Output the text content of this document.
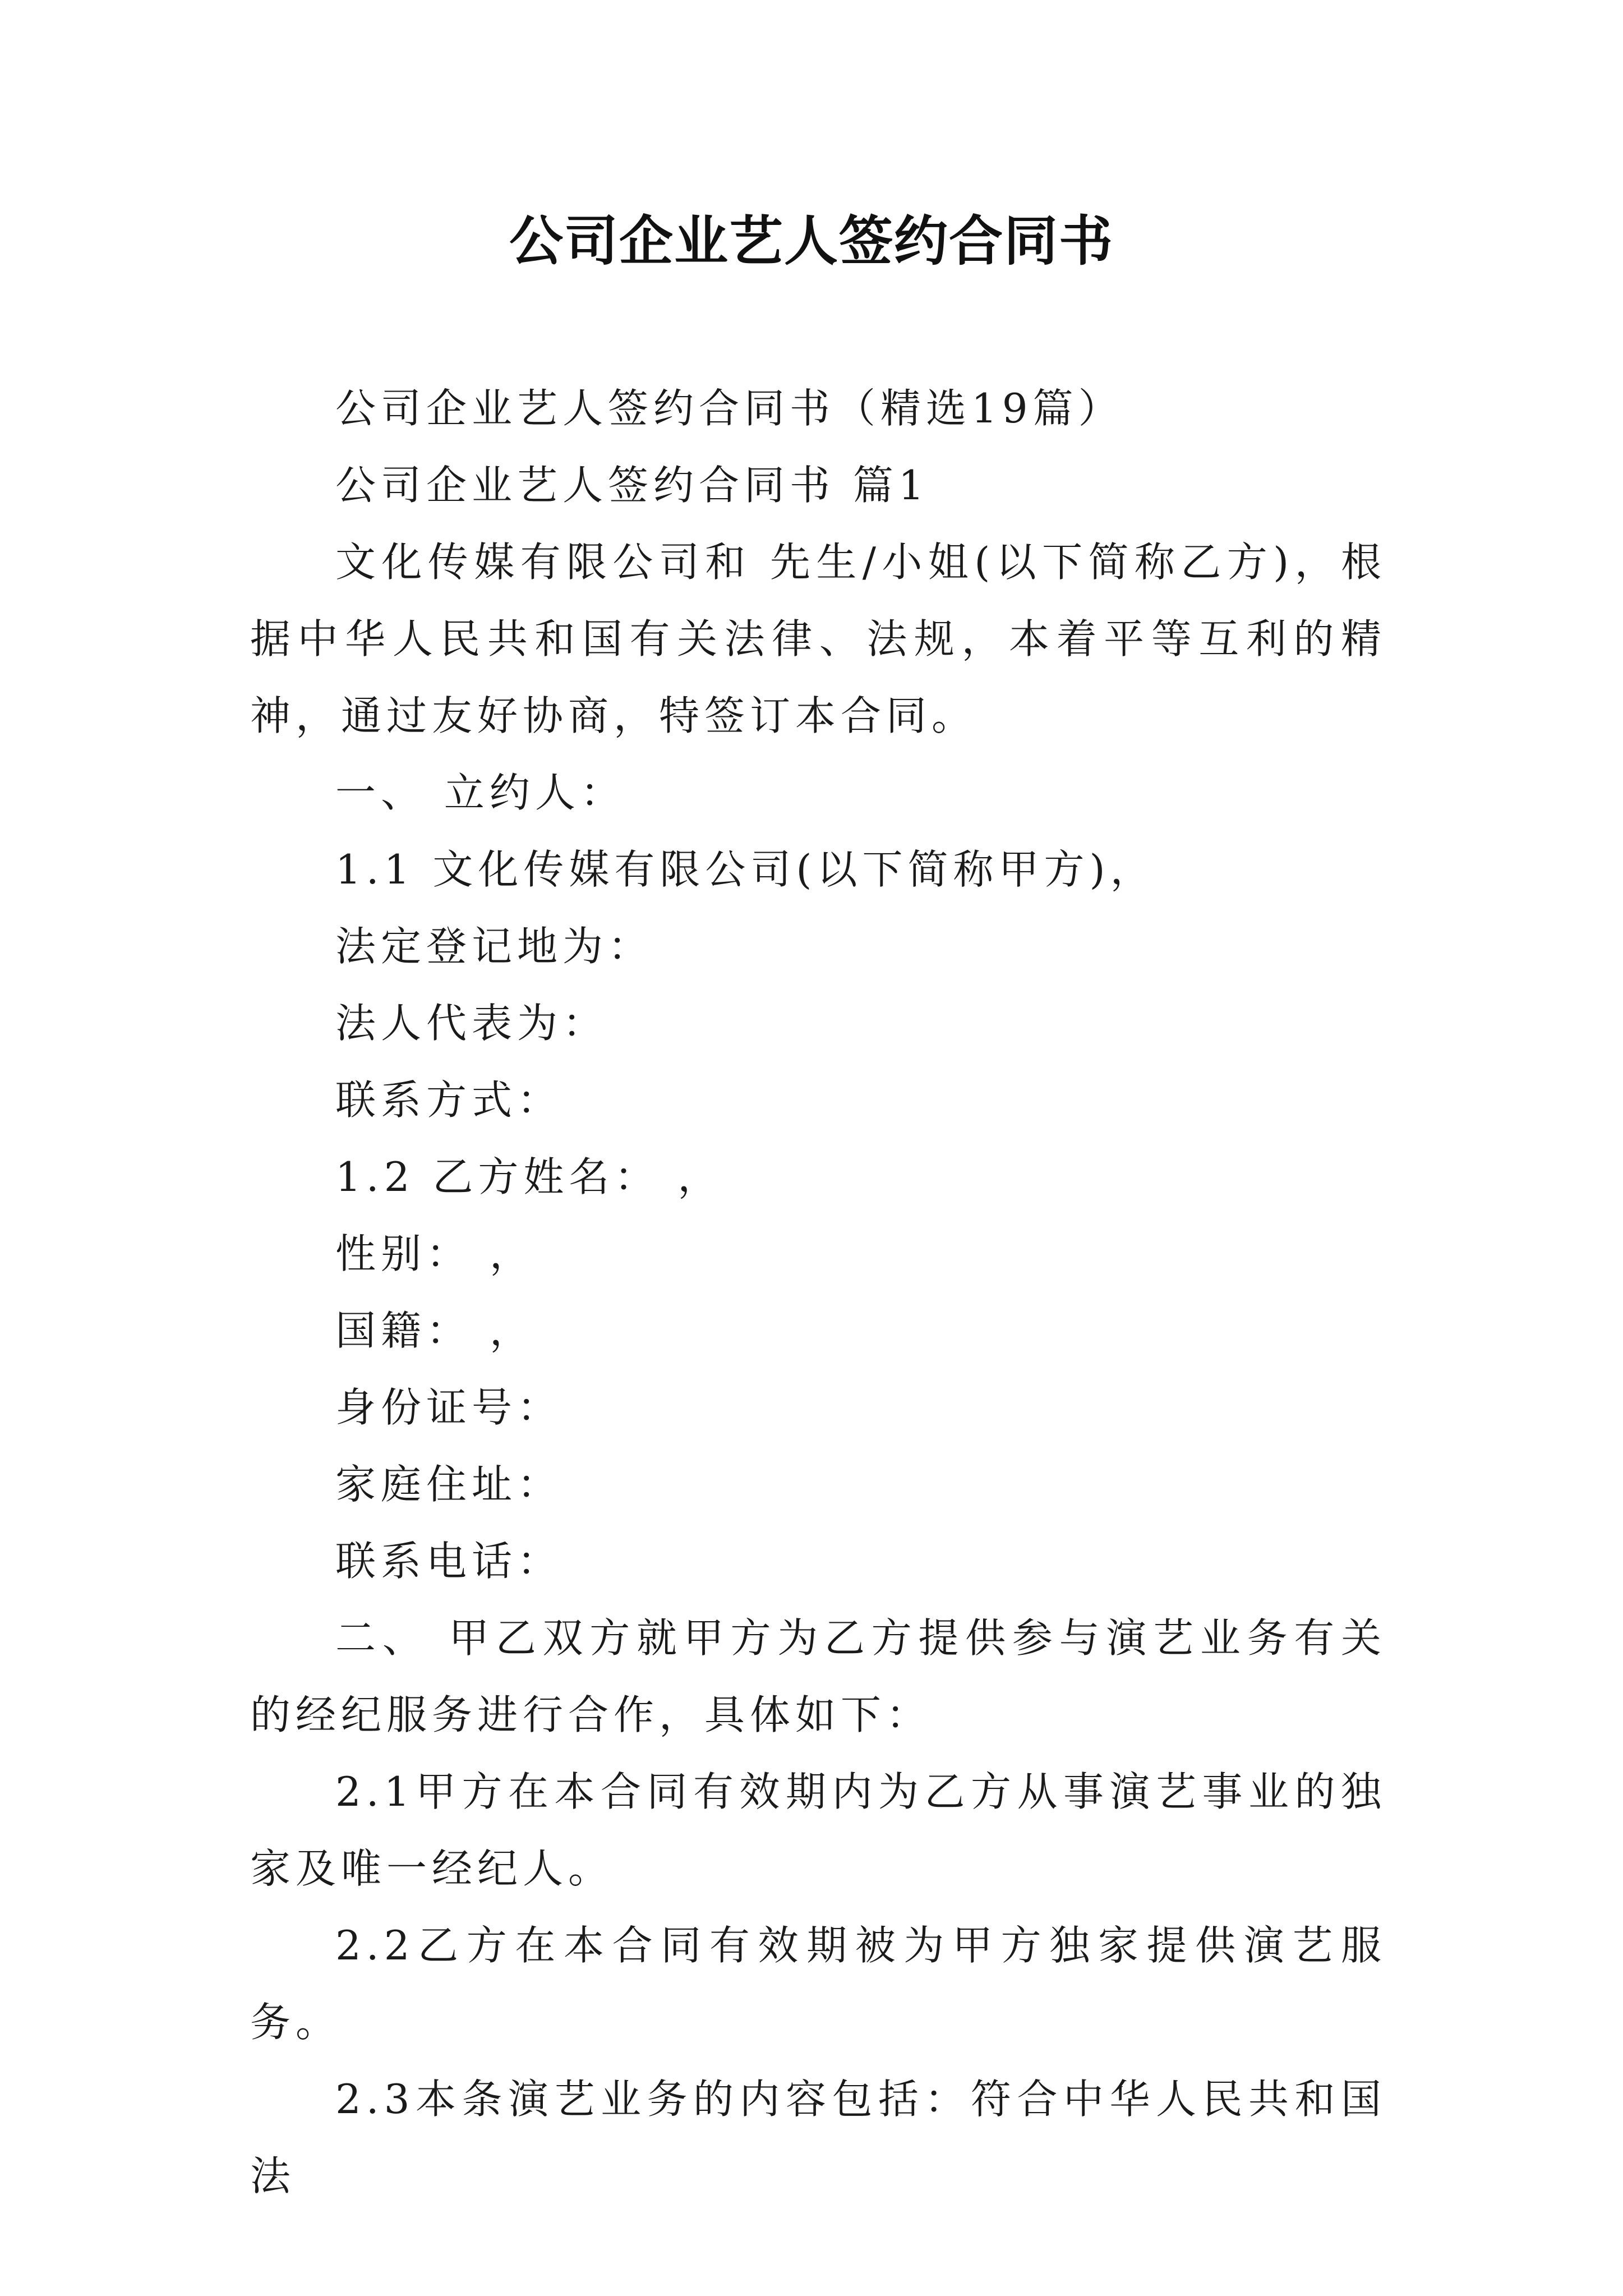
公司企业艺人签约合同书

公司企业艺人签约合同书（精选19篇）

公司企业艺人签约合同书 篇1

文化传媒有限公司和 先生/小姐(以下简称乙方)，根据中华人民共和国有关法律、法规，本着平等互利的精神，通过友好协商，特签订本合同。

一、 立约人：

1.1 文化传媒有限公司(以下简称甲方)，

法定登记地为：

法人代表为：

联系方式：

1.2 乙方姓名： ，

性别： ，

国籍： ，

身份证号：

家庭住址：

联系电话：

二、 甲乙双方就甲方为乙方提供参与演艺业务有关的经纪服务进行合作，具体如下：

2.1甲方在本合同有效期内为乙方从事演艺事业的独家及唯一经纪人。

2.2乙方在本合同有效期被为甲方独家提供演艺服务。

2.3本条演艺业务的内容包括：符合中华人民共和国法
